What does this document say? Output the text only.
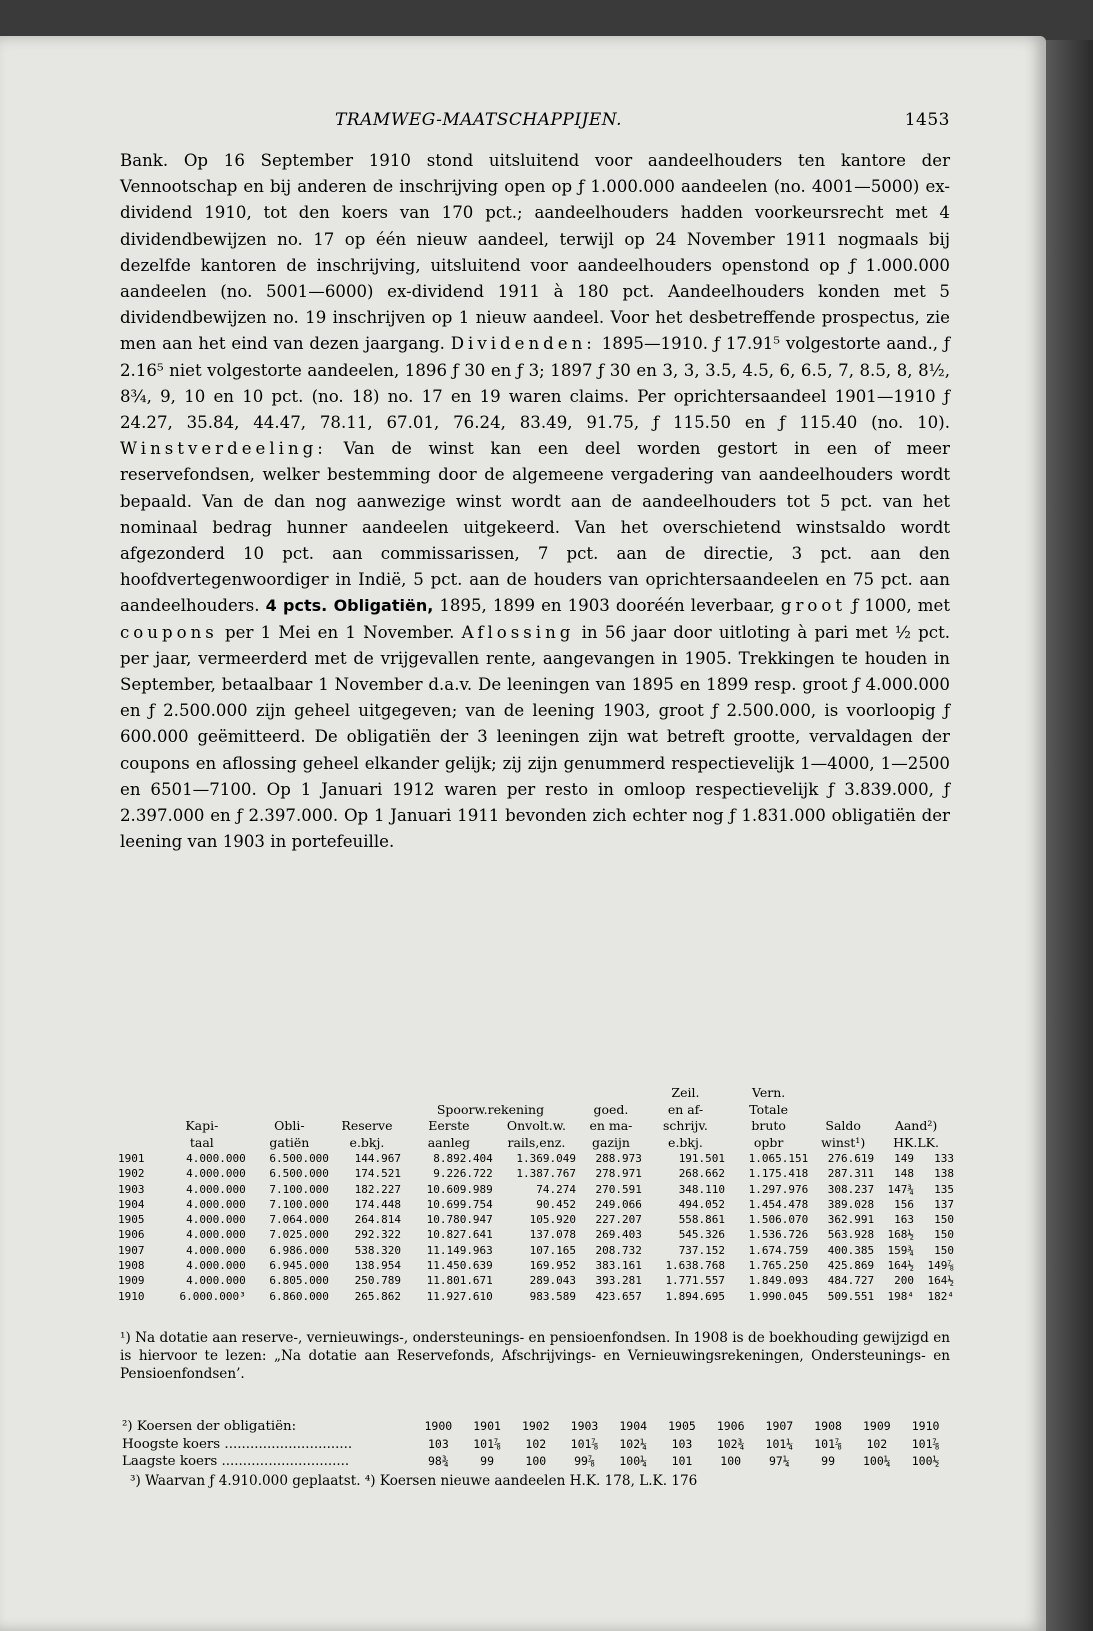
TRAMWEG-MAATSCHAPPIJEN.	1453

Bank. Op 16 September 1910 stond uitsluitend voor aandeelhouders ten kantore der Vennootschap en bij anderen de inschrijving open op ƒ 1.000.000 aandeelen (no. 4001—5000) ex-dividend 1910, tot den koers van 170 pct.; aandeelhouders hadden voorkeursrecht met 4 dividendbewijzen no. 17 op één nieuw aandeel, terwijl op 24 November 1911 nogmaals bij dezelfde kantoren de inschrijving, uitsluitend voor aandeelhouders openstond op ƒ 1.000.000 aandeelen (no. 5001—6000) ex-dividend 1911 à 180 pct. Aandeelhouders konden met 5 dividendbewijzen no. 19 inschrijven op 1 nieuw aandeel. Voor het desbetreffende prospectus, zie men aan het eind van dezen jaargang. Dividenden: 1895—1910. ƒ 17.91⁵ volgestorte aand., ƒ 2.16⁵ niet volgestorte aandeelen, 1896 ƒ 30 en ƒ 3; 1897 ƒ 30 en 3, 3, 3.5, 4.5, 6, 6.5, 7, 8.5, 8, 8½, 8¾, 9, 10 en 10 pct. (no. 18) no. 17 en 19 waren claims. Per oprichtersaandeel 1901—1910 ƒ 24.27, 35.84, 44.47, 78.11, 67.01, 76.24, 83.49, 91.75, ƒ 115.50 en ƒ 115.40 (no. 10). Winstverdeeling: Van de winst kan een deel worden gestort in een of meer reservefondsen, welker bestemming door de algemeene vergadering van aandeelhouders wordt bepaald. Van de dan nog aanwezige winst wordt aan de aandeelhouders tot 5 pct. van het nominaal bedrag hunner aandeelen uitgekeerd. Van het overschietend winstsaldo wordt afgezonderd 10 pct. aan commissarissen, 7 pct. aan de directie, 3 pct. aan den hoofdvertegenwoordiger in Indië, 5 pct. aan de houders van oprichtersaandeelen en 75 pct. aan aandeelhouders. 4 pcts. Obligatiën, 1895, 1899 en 1903 dooréén leverbaar, groot ƒ 1000, met coupons per 1 Mei en 1 November. Aflossing in 56 jaar door uitloting à pari met ½ pct. per jaar, vermeerderd met de vrijgevallen rente, aangevangen in 1905. Trekkingen te houden in September, betaalbaar 1 November d.a.v. De leeningen van 1895 en 1899 resp. groot ƒ 4.000.000 en ƒ 2.500.000 zijn geheel uitgegeven; van de leening 1903, groot ƒ 2.500.000, is voorloopig ƒ 600.000 geëmitteerd. De obligatiën der 3 leeningen zijn wat betreft grootte, vervaldagen der coupons en aflossing geheel elkander gelijk; zij zijn genummerd respectievelijk 1—4000, 1—2500 en 6501—7100. Op 1 Januari 1912 waren per resto in omloop respectievelijk ƒ 3.839.000, ƒ 2.397.000 en ƒ 2.397.000. Op 1 Januari 1911 bevonden zich echter nog ƒ 1.831.000 obligatiën der leening van 1903 in portefeuille.

							Zeil.	Vern.			
				Spoorw.rekening		goed.	en af-	Totale			
	Kapi-	Obli-	Reserve	Eerste	Onvolt.w.	en ma-	schrijv.	bruto	Saldo	Aand²)	
	taal	gatiën	e.bkj.	aanleg	rails,enz.	gazijn	e.bkj.	opbr	winst¹)	HK.LK.	
1901	4.000.000	6.500.000	144.967	8.892.404	1.369.049	288.973	191.501	1.065.151	276.619	149	133
1902	4.000.000	6.500.000	174.521	9.226.722	1.387.767	278.971	268.662	1.175.418	287.311	148	138
1903	4.000.000	7.100.000	182.227	10.609.989	74.274	270.591	348.110	1.297.976	308.237	147¾	135
1904	4.000.000	7.100.000	174.448	10.699.754	90.452	249.066	494.052	1.454.478	389.028	156	137
1905	4.000.000	7.064.000	264.814	10.780.947	105.920	227.207	558.861	1.506.070	362.991	163	150
1906	4.000.000	7.025.000	292.322	10.827.641	137.078	269.403	545.326	1.536.726	563.928	168½	150
1907	4.000.000	6.986.000	538.320	11.149.963	107.165	208.732	737.152	1.674.759	400.385	159¾	150
1908	4.000.000	6.945.000	138.954	11.450.639	169.952	383.161	1.638.768	1.765.250	425.869	164½	149⅞
1909	4.000.000	6.805.000	250.789	11.801.671	289.043	393.281	1.771.557	1.849.093	484.727	200	164½
1910	6.000.000³	6.860.000	265.862	11.927.610	983.589	423.657	1.894.695	1.990.045	509.551	198⁴	182⁴

¹) Na dotatie aan reserve-, vernieuwings-, ondersteunings- en pensioenfondsen. In 1908 is de boekhouding gewijzigd en is hiervoor te lezen: „Na dotatie aan Reservefonds, Afschrijvings- en Vernieuwingsrekeningen, Ondersteunings- en Pensioenfondsen’.

²) Koersen der obligatiën:	1900	1901	1902	1903	1904	1905	1906	1907	1908	1909	1910
Hoogste koers ..............................	103	101⅞	102	101⅞	102¼	103	102¾	101¼	101⅞	102	101⅞
Laagste koers ..............................	98¾	99	100	99⅞	100¼	101	100	97¼	99	100¼	100½
³) Waarvan ƒ 4.910.000 geplaatst. ⁴) Koersen nieuwe aandeelen H.K. 178, L.K. 176
